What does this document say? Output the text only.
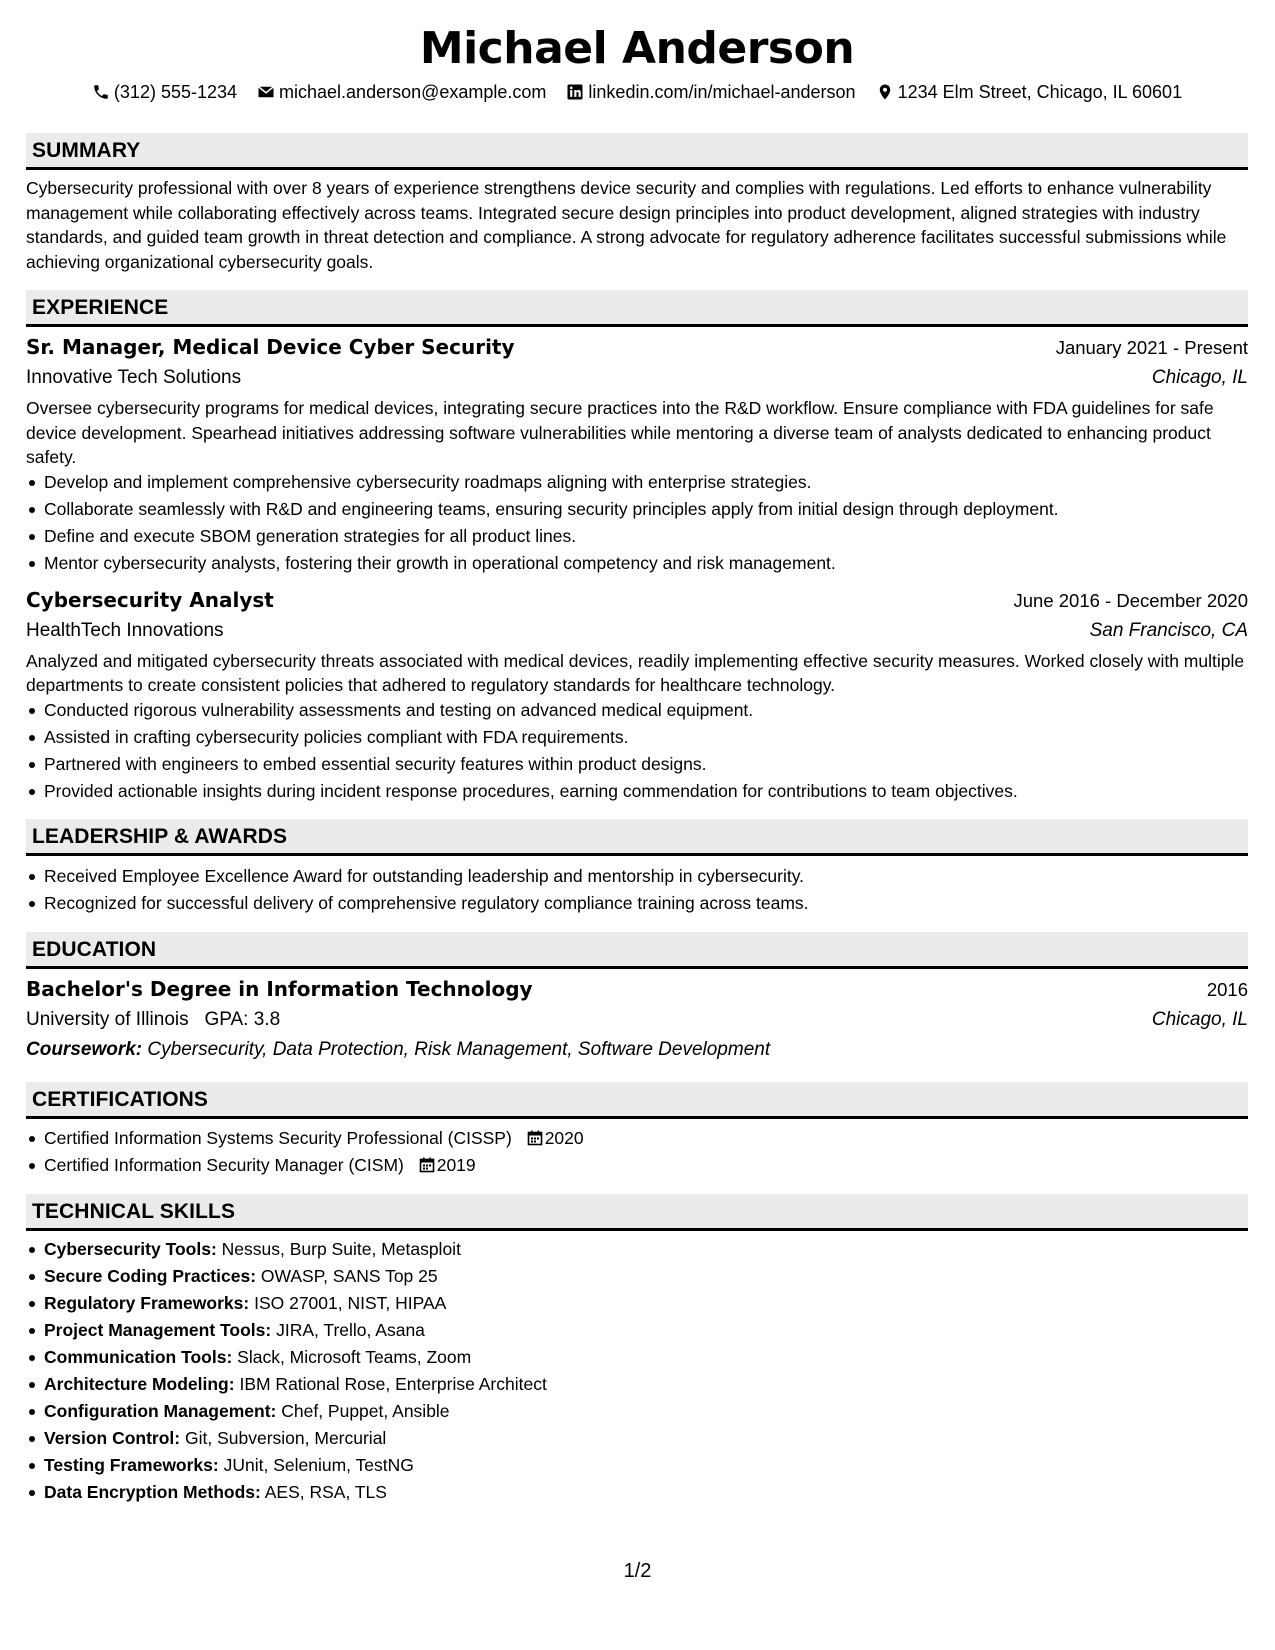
Michael Anderson
(312) 555-1234 michael.anderson@example.com linkedin.com/in/michael-anderson 1234 Elm Street, Chicago, IL 60601
SUMMARY
Cybersecurity professional with over 8 years of experience strengthens device security and complies with regulations. Led efforts to enhance vulnerability management while collaborating effectively across teams. Integrated secure design principles into product development, aligned strategies with industry standards, and guided team growth in threat detection and compliance. A strong advocate for regulatory adherence facilitates successful submissions while achieving organizational cybersecurity goals.
EXPERIENCE
Sr. Manager, Medical Device Cyber Security	January 2021 - Present
Innovative Tech Solutions	Chicago, IL
Oversee cybersecurity programs for medical devices, integrating secure practices into the R&D workflow. Ensure compliance with FDA guidelines for safe device development. Spearhead initiatives addressing software vulnerabilities while mentoring a diverse team of analysts dedicated to enhancing product safety.
Develop and implement comprehensive cybersecurity roadmaps aligning with enterprise strategies.
Collaborate seamlessly with R&D and engineering teams, ensuring security principles apply from initial design through deployment.
Define and execute SBOM generation strategies for all product lines.
Mentor cybersecurity analysts, fostering their growth in operational competency and risk management.
Cybersecurity Analyst	June 2016 - December 2020
HealthTech Innovations	San Francisco, CA
Analyzed and mitigated cybersecurity threats associated with medical devices, readily implementing effective security measures. Worked closely with multiple departments to create consistent policies that adhered to regulatory standards for healthcare technology.
Conducted rigorous vulnerability assessments and testing on advanced medical equipment.
Assisted in crafting cybersecurity policies compliant with FDA requirements.
Partnered with engineers to embed essential security features within product designs.
Provided actionable insights during incident response procedures, earning commendation for contributions to team objectives.
LEADERSHIP & AWARDS
Received Employee Excellence Award for outstanding leadership and mentorship in cybersecurity.
Recognized for successful delivery of comprehensive regulatory compliance training across teams.
EDUCATION
Bachelor's Degree in Information Technology	2016
University of Illinois GPA: 3.8	Chicago, IL
Coursework: Cybersecurity, Data Protection, Risk Management, Software Development
CERTIFICATIONS
Certified Information Systems Security Professional (CISSP) 2020
Certified Information Security Manager (CISM) 2019
TECHNICAL SKILLS
Cybersecurity Tools: Nessus, Burp Suite, Metasploit
Secure Coding Practices: OWASP, SANS Top 25
Regulatory Frameworks: ISO 27001, NIST, HIPAA
Project Management Tools: JIRA, Trello, Asana
Communication Tools: Slack, Microsoft Teams, Zoom
Architecture Modeling: IBM Rational Rose, Enterprise Architect
Configuration Management: Chef, Puppet, Ansible
Version Control: Git, Subversion, Mercurial
Testing Frameworks: JUnit, Selenium, TestNG
Data Encryption Methods: AES, RSA, TLS
1/2
